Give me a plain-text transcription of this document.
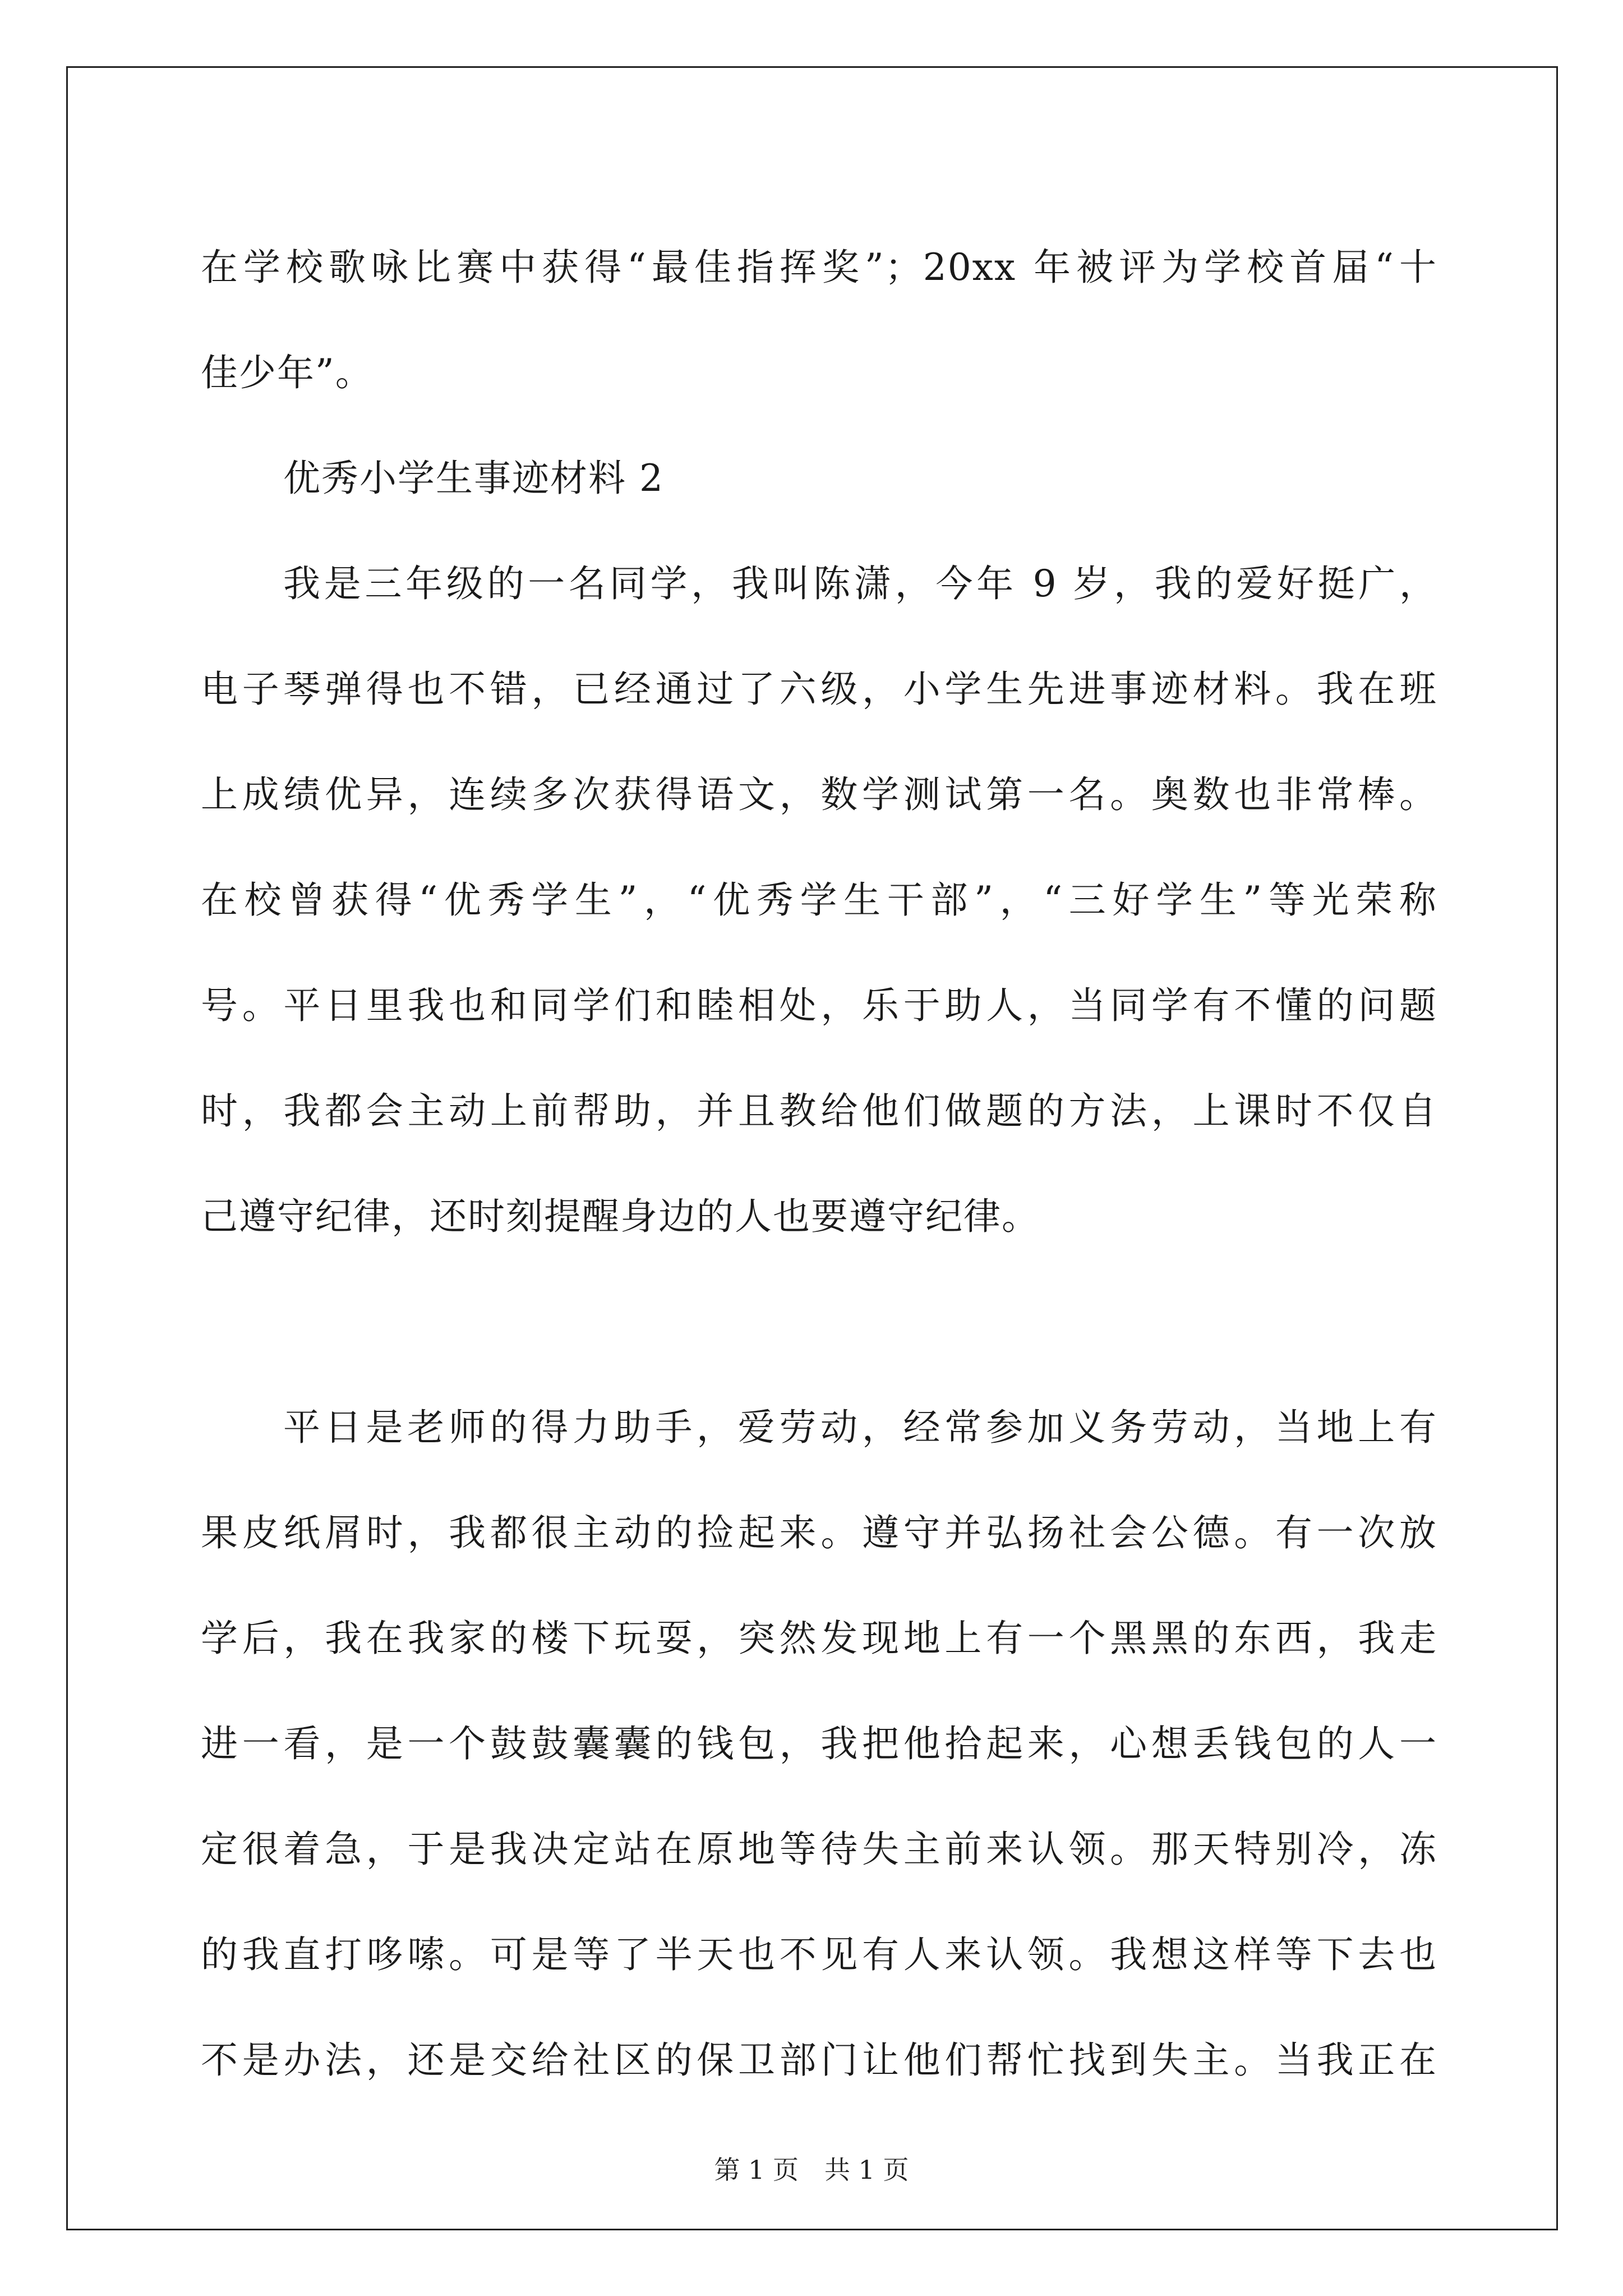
在学校歌咏比赛中获得“最佳指挥奖”；20xx 年被评为学校首届“十
佳少年”。
优秀小学生事迹材料 2
我是三年级的一名同学，我叫陈潇，今年 9 岁，我的爱好挺广，
电子琴弹得也不错，已经通过了六级，小学生先进事迹材料。我在班
上成绩优异，连续多次获得语文，数学测试第一名。奥数也非常棒。
在校曾获得“优秀学生”，“优秀学生干部”，“三好学生”等光荣称
号。平日里我也和同学们和睦相处，乐于助人，当同学有不懂的问题
时，我都会主动上前帮助，并且教给他们做题的方法，上课时不仅自
己遵守纪律，还时刻提醒身边的人也要遵守纪律。
平日是老师的得力助手，爱劳动，经常参加义务劳动，当地上有
果皮纸屑时，我都很主动的捡起来。遵守并弘扬社会公德。有一次放
学后，我在我家的楼下玩耍，突然发现地上有一个黑黑的东西，我走
进一看，是一个鼓鼓囊囊的钱包，我把他拾起来，心想丢钱包的人一
定很着急，于是我决定站在原地等待失主前来认领。那天特别冷，冻
的我直打哆嗦。可是等了半天也不见有人来认领。我想这样等下去也
不是办法，还是交给社区的保卫部门让他们帮忙找到失主。当我正在
第 1 页　共 1 页
